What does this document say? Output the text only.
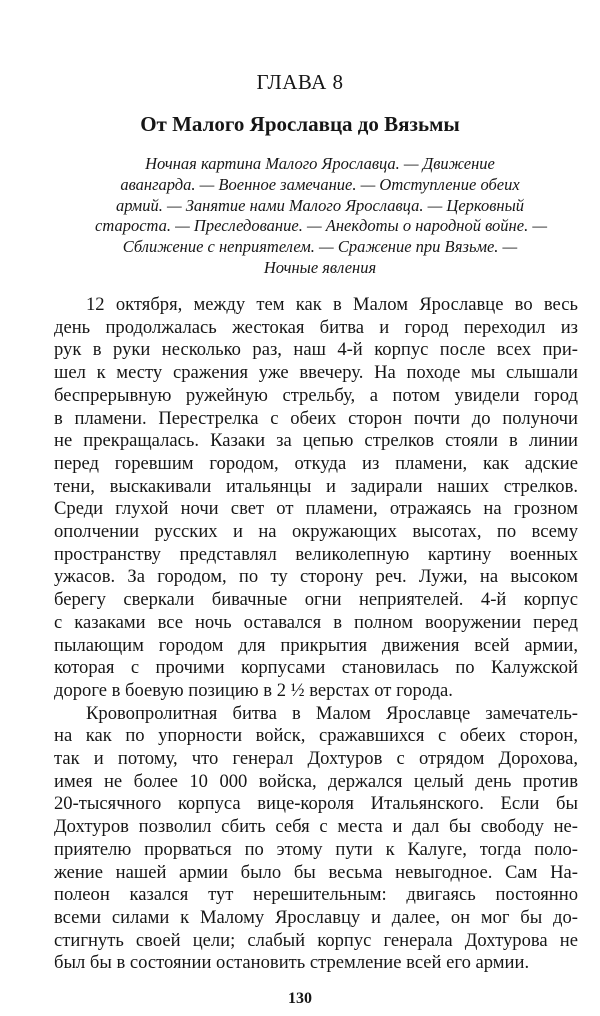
ГЛАВА 8
От Малого Ярославца до Вязьмы
Ночная картина Малого Ярославца. — Движение
авангарда. — Военное замечание. — Отступление обеих
армий. — Занятие нами Малого Ярославца. — Церковный
староста. — Преследование. — Анекдоты о народной войне. —
Сближение с неприятелем. — Сражение при Вязьме. —
Ночные явления
12 октября, между тем как в Малом Ярославце во весь
день продолжалась жестокая битва и город переходил из
рук в руки несколько раз, наш 4-й корпус после всех при-
шел к месту сражения уже ввечеру. На походе мы слышали
беспрерывную ружейную стрельбу, а потом увидели город
в пламени. Перестрелка с обеих сторон почти до полуночи
не прекращалась. Казаки за цепью стрелков стояли в линии
перед горевшим городом, откуда из пламени, как адские
тени, выскакивали итальянцы и задирали наших стрелков.
Среди глухой ночи свет от пламени, отражаясь на грозном
ополчении русских и на окружающих высотах, по всему
пространству представлял великолепную картину военных
ужасов. За городом, по ту сторону реч. Лужи, на высоком
берегу сверкали бивачные огни неприятелей. 4-й корпус
с казаками все ночь оставался в полном вооружении перед
пылающим городом для прикрытия движения всей армии,
которая с прочими корпусами становилась по Калужской
дороге в боевую позицию в 2 ½ верстах от города.
Кровопролитная битва в Малом Ярославце замечатель-
на как по упорности войск, сражавшихся с обеих сторон,
так и потому, что генерал Дохтуров с отрядом Дорохова,
имея не более 10 000 войска, держался целый день против
20-тысячного корпуса вице-короля Итальянского. Если бы
Дохтуров позволил сбить себя с места и дал бы свободу не-
приятелю прорваться по этому пути к Калуге, тогда поло-
жение нашей армии было бы весьма невыгодное. Сам На-
полеон казался тут нерешительным: двигаясь постоянно
всеми силами к Малому Ярославцу и далее, он мог бы до-
стигнуть своей цели; слабый корпус генерала Дохтурова не
был бы в состоянии остановить стремление всей его армии.
130
